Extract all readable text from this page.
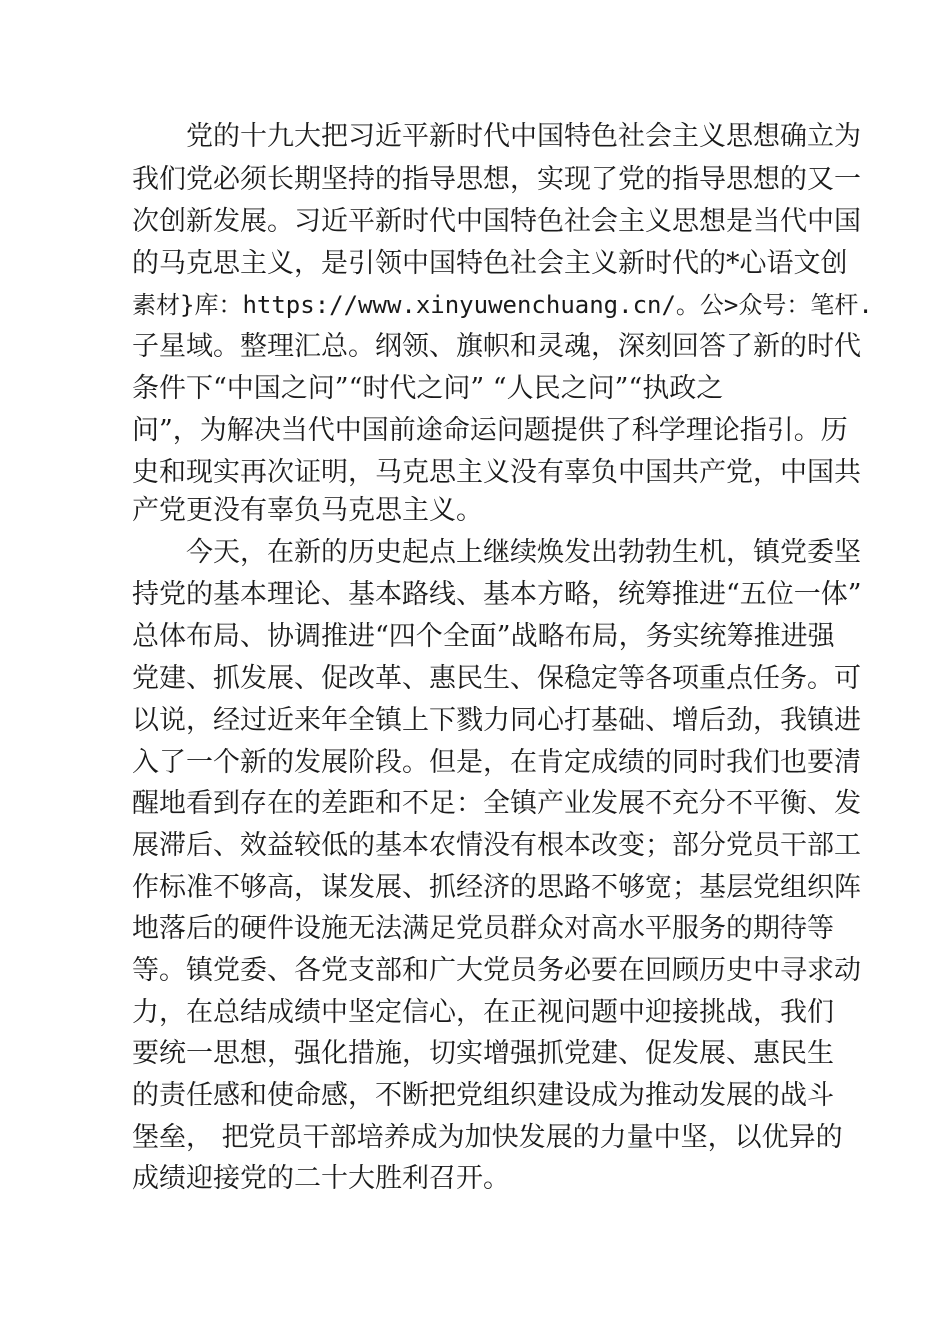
党的十九大把习近平新时代中国特色社会主义思想确立为
我们党必须长期坚持的指导思想，实现了党的指导思想的又一
次创新发展。习近平新时代中国特色社会主义思想是当代中国
的马克思主义，是引领中国特色社会主义新时代的*心语文创
素材}库：https://www.xinyuwenchuang.cn/。公>众号：笔杆.
子星域。整理汇总。纲领、旗帜和灵魂，深刻回答了新的时代
条件下“中国之问”“时代之问” “人民之问”“执政之
问”，为解决当代中国前途命运问题提供了科学理论指引。历
史和现实再次证明，马克思主义没有辜负中国共产党，中国共
产党更没有辜负马克思主义。
今天，在新的历史起点上继续焕发出勃勃生机，镇党委坚
持党的基本理论、基本路线、基本方略，统筹推进“五位一体”
总体布局、协调推进“四个全面”战略布局，务实统筹推进强
党建、抓发展、促改革、惠民生、保稳定等各项重点任务。可
以说，经过近来年全镇上下戮力同心打基础、增后劲，我镇进
入了一个新的发展阶段。但是，在肯定成绩的同时我们也要清
醒地看到存在的差距和不足：全镇产业发展不充分不平衡、发
展滞后、效益较低的基本农情没有根本改变；部分党员干部工
作标准不够高，谋发展、抓经济的思路不够宽；基层党组织阵
地落后的硬件设施无法满足党员群众对高水平服务的期待等
等。镇党委、各党支部和广大党员务必要在回顾历史中寻求动
力，在总结成绩中坚定信心，在正视问题中迎接挑战，我们
要统一思想，强化措施，切实增强抓党建、促发展、惠民生
的责任感和使命感，不断把党组织建设成为推动发展的战斗
堡垒， 把党员干部培养成为加快发展的力量中坚，以优异的
成绩迎接党的二十大胜利召开。
